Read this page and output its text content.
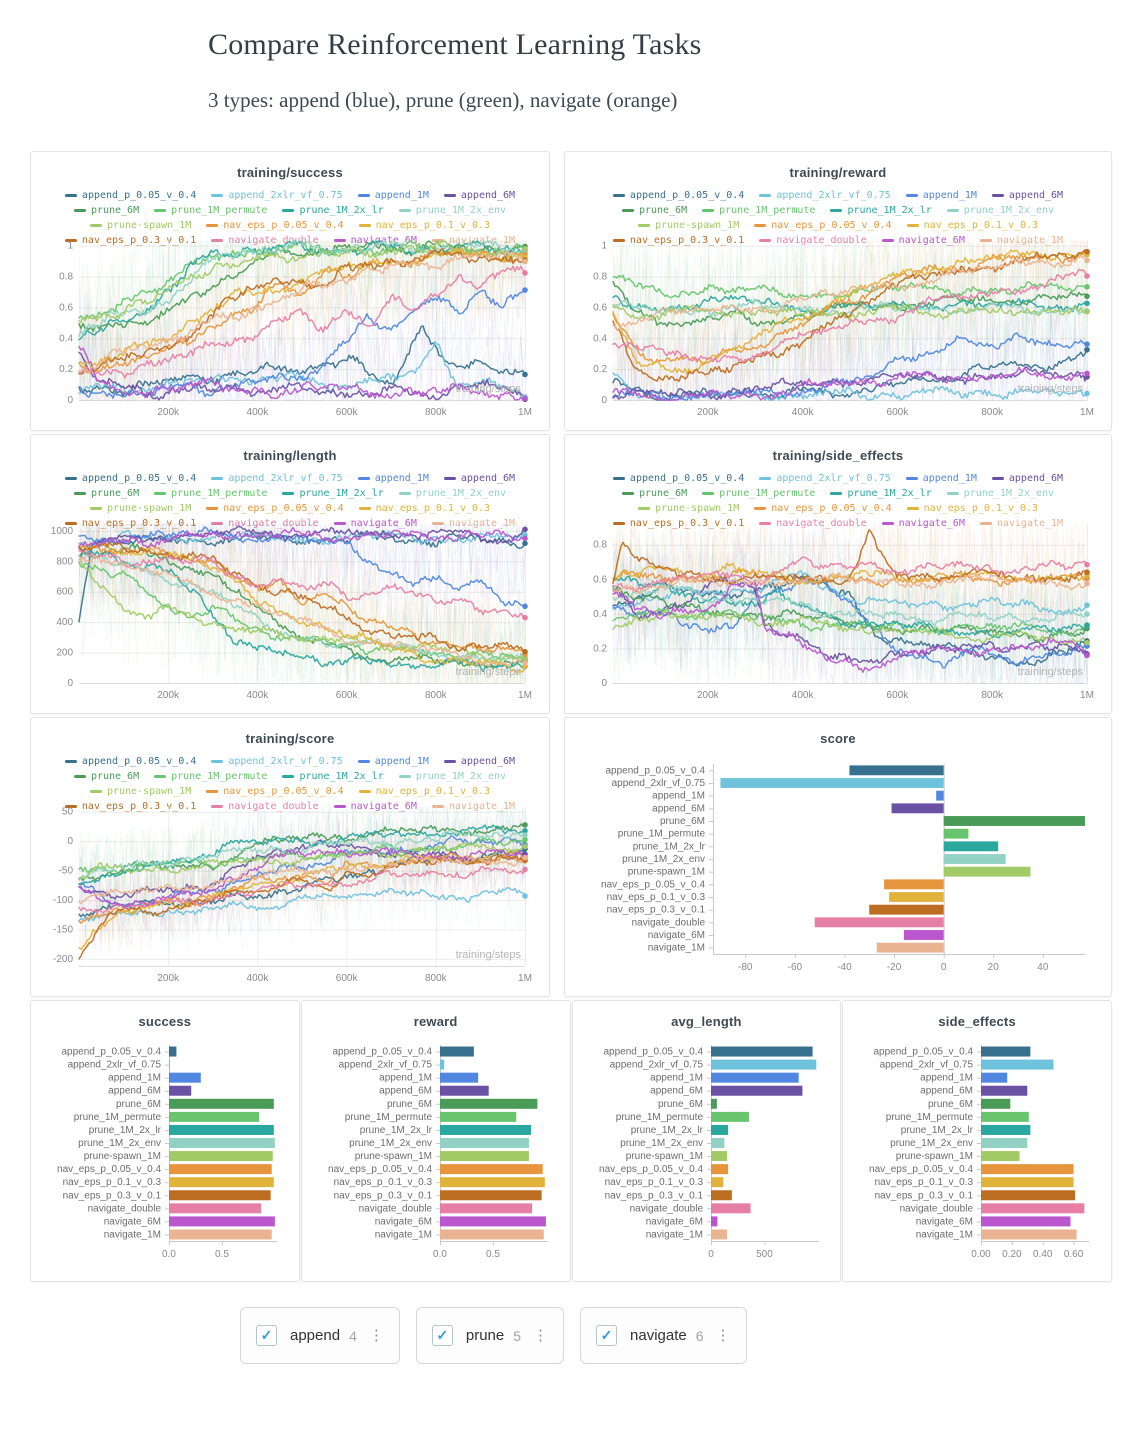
Compare Reinforcement Learning Tasks
3 types: append (blue), prune (green), navigate (orange)
training/success
append_p_0.05_v_0.4	append_2xlr_vf_0.75	append_1M	append_6M
prune_6M	prune_1M_permute	prune_1M_2x_lr	prune_1M_2x_env
prune-spawn_1M	nav_eps_p_0.05_v_0.4	nav_eps_p_0.1_v_0.3
training/reward
append_p_0.05_v_0.4	append_2xlr_vf_0.75	append_1M	append_6M
prune_6M	prune_1M_permute	prune_1M_2x_lr	prune_1M_2x_env
prune-spawn_1M	nav_eps_p_0.05_v_0.4	nav_eps_p_0.1_v_0.3
training/length
append_p_0.05_v_0.4	append_2xlr_vf_0.75	append_1M	append_6M
prune_6M	prune_1M_permute	prune_1M_2x_lr	prune_1M_2x_env
prune-spawn_1M	nav_eps_p_0.05_v_0.4	nav_eps_p_0.1_v_0.3
training/side_effects
append_p_0.05_v_0.4	append_2xlr_vf_0.75	append_1M	append_6M
prune_6M	prune_1M_permute	prune_1M_2x_lr	prune_1M_2x_env
prune-spawn_1M	nav_eps_p_0.05_v_0.4	nav_eps_p_0.1_v_0.3
training/score
append_p_0.05_v_0.4	append_2xlr_vf_0.75	append_1M	append_6M
prune_6M	prune_1M_permute	prune_1M_2x_lr	prune_1M_2x_env
prune-spawn_1M	nav_eps_p_0.05_v_0.4	nav_eps_p_0.1_v_0.3
score
success	reward	avg_length	side_effects
✓	append 4 ⋮	✓	prune 5 ⋮	✓	navigate 6 ⋮
